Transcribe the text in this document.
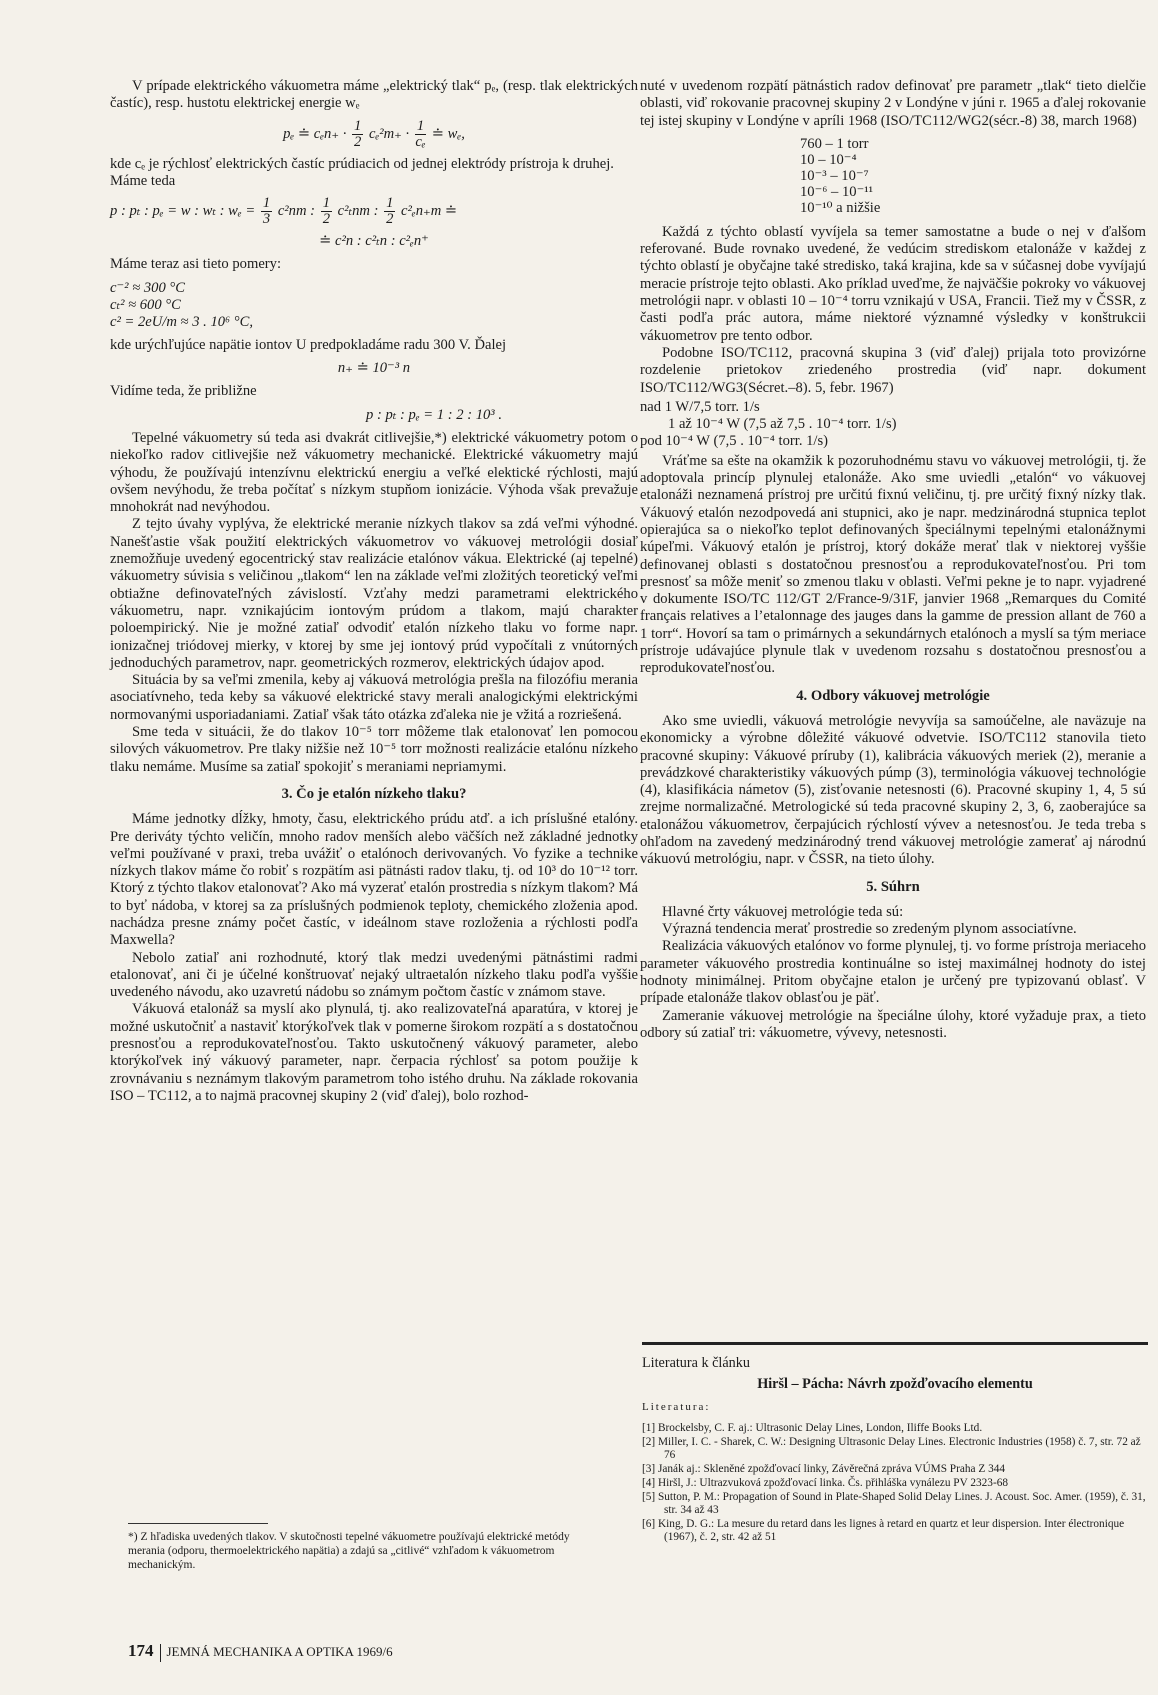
V prípade elektrického vákuometra máme „elektrický tlak“ pₑ, (resp. tlak elektrických častíc), resp. hustotu elektrickej energie wₑ

pₑ ≐ $c_en_+ \cdot \frac{1}{2} c_e^2m_+ \cdot \frac{1}{\text{cₑ}}$ ≐ wₑ,

kde cₑ je rýchlosť elektrických častíc prúdiacich od jednej elektródy prístroja k druhej.

Máme teda

p : pₜ : pₑ = w : wₜ : $w_e = \frac{1}{3} c^2nm$ : $\frac{1}{2} c^2_tnm$ : $\frac{1}{2} c^2_en_+m$ ≐
≐ c²n : c²ₜn : c²ₑn⁺

Máme teraz asi tieto pomery:

c⁻² ≈ 300 °C
cₜ² ≈ 600 °C
c² = 2eU/m ≈ 3 . 10⁶ °C,

kde urýchľujúce napätie iontov U predpokladáme radu 300 V. Ďalej

n₊ ≐ 10⁻³ n

Vidíme teda, že približne

p : pₜ : pₑ = 1 : 2 : 10³ .

Tepelné vákuometry sú teda asi dvakrát citlivejšie,*) elektrické vákuometry potom o niekoľko radov citlivejšie než vákuometry mechanické. Elektrické vákuometry majú výhodu, že používajú intenzívnu elektrickú energiu a veľké elektické rýchlosti, majú ovšem nevýhodu, že treba počítať s nízkym stupňom ionizácie. Výhoda však prevažuje mnohokrát nad nevýhodou.

Z tejto úvahy vyplýva, že elektrické meranie nízkych tlakov sa zdá veľmi výhodné. Nanešťastie však použití elektrických vákuometrov vo vákuovej metrológii dosiaľ znemožňuje uvedený egocentrický stav realizácie etalónov vákua. Elektrické (aj tepelné) vákuometry súvisia s veličinou „tlakom“ len na základe veľmi zložitých teoretický veľmi obtiažne definovateľných závislostí. Vzťahy medzi parametrami elektrického vákuometru, napr. vznikajúcim iontovým prúdom a tlakom, majú charakter poloempirický. Nie je možné zatiaľ odvodiť etalón nízkeho tlaku vo forme napr. ionizačnej triódovej mierky, v ktorej by sme jej iontový prúd vypočítali z vnútorných jednoduchých parametrov, napr. geometrických rozmerov, elektrických údajov apod.

Situácia by sa veľmi zmenila, keby aj vákuová metrológia prešla na filozófiu merania asociatívneho, teda keby sa vákuové elektrické stavy merali analogickými elektrickými normovanými usporiadaniami. Zatiaľ však táto otázka zďaleka nie je vžitá a rozriešená.

Sme teda v situácii, že do tlakov 10⁻⁵ torr môžeme tlak etalonovať len pomocou silových vákuometrov. Pre tlaky nižšie než 10⁻⁵ torr možnosti realizácie etalónu nízkeho tlaku nemáme. Musíme sa zatiaľ spokojiť s meraniami nepriamymi.

3. Čo je etalón nízkeho tlaku?

Máme jednotky dĺžky, hmoty, času, elektrického prúdu atď. a ich príslušné etalóny. Pre deriváty týchto veličín, mnoho radov menších alebo väčších než základné jednotky veľmi používané v praxi, treba uvážiť o etalónoch derivovaných. Vo fyzike a technike nízkych tlakov máme čo robiť s rozpätím asi pätnásti radov tlaku, tj. od 10³ do 10⁻¹² torr. Ktorý z týchto tlakov etalonovať? Ako má vyzerať etalón prostredia s nízkym tlakom? Má to byť nádoba, v ktorej sa za príslušných podmienok teploty, chemického zloženia apod. nachádza presne známy počet častíc, v ideálnom stave rozloženia a rýchlosti podľa Maxwella?

Nebolo zatiaľ ani rozhodnuté, ktorý tlak medzi uvedenými pätnástimi radmi etalonovať, ani či je účelné konštruovať nejaký ultraetalón nízkeho tlaku podľa vyššie uvedeného návodu, ako uzavretú nádobu so známym počtom častíc v známom stave.

Vákuová etalonáž sa myslí ako plynulá, tj. ako realizovateľná aparatúra, v ktorej je možné uskutočniť a nastaviť ktorýkoľvek tlak v pomerne širokom rozpätí a s dostatočnou presnosťou a reprodukovateľnosťou. Takto uskutočnený vákuový parameter, alebo ktorýkoľvek iný vákuový parameter, napr. čerpacia rýchlosť sa potom použije k zrovnávaniu s neznámym tlakovým parametrom toho istého druhu. Na základe rokovania ISO – TC112, a to najmä pracovnej skupiny 2 (viď ďalej), bolo rozhod-

nuté v uvedenom rozpätí pätnástich radov definovať pre parametr „tlak“ tieto dielčie oblasti, viď rokovanie pracovnej skupiny 2 v Londýne v júni r. 1965 a ďalej rokovanie tej istej skupiny v Londýne v apríli 1968 (ISO/TC112/WG2(sécr.-8) 38, march 1968)

760 – 1 torr
10 – 10⁻⁴
10⁻³ – 10⁻⁷
10⁻⁶ – 10⁻¹¹
10⁻¹⁰ a nižšie

Každá z týchto oblastí vyvíjela sa temer samostatne a bude o nej v ďalšom referované. Bude rovnako uvedené, že vedúcim strediskom etalonáže v každej z týchto oblastí je obyčajne také stredisko, taká krajina, kde sa v súčasnej dobe vyvíjajú meracie prístroje tejto oblasti. Ako príklad uveďme, že najväčšie pokroky vo vákuovej metrológii napr. v oblasti 10 – 10⁻⁴ torru vznikajú v USA, Francii. Tiež my v ČSSR, z časti podľa prác autora, máme niektoré významné výsledky v konštrukcii vákuometrov pre tento odbor.

Podobne ISO/TC112, pracovná skupina 3 (viď ďalej) prijala toto provizórne rozdelenie prietokov zriedeného prostredia (viď napr. dokument ISO/TC112/WG3(Sécret.–8). 5, febr. 1967)

nad 1 W/7,5 torr. 1/s
1 až 10⁻⁴ W (7,5 až 7,5 . 10⁻⁴ torr. 1/s)
pod 10⁻⁴ W (7,5 . 10⁻⁴ torr. 1/s)

Vráťme sa ešte na okamžik k pozoruhodnému stavu vo vákuovej metrológii, tj. že adoptovala princíp plynulej etalonáže. Ako sme uviedli „etalón“ vo vákuovej etalonáži neznamená prístroj pre určitú fixnú veličinu, tj. pre určitý fixný nízky tlak. Vákuový etalón nezodpovedá ani stupnici, ako je napr. medzinárodná stupnica teplot opierajúca sa o niekoľko teplot definovaných špeciálnymi tepelnými etalonážnymi kúpeľmi. Vákuový etalón je prístroj, ktorý dokáže merať tlak v niektorej vyššie definovanej oblasti s dostatočnou presnosťou a reprodukovateľnosťou. Pri tom presnosť sa môže meniť so zmenou tlaku v oblasti. Veľmi pekne je to napr. vyjadrené v dokumente ISO/TC 112/GT 2/France-9/31F, janvier 1968 „Remarques du Comité français relatives a l’etalonnage des jauges dans la gamme de pression allant de 760 a 1 torr“. Hovorí sa tam o primárnych a sekundárnych etalónoch a myslí sa tým meriace prístroje udávajúce plynule tlak v uvedenom rozsahu s dostatočnou presnosťou a reprodukovateľnosťou.

4. Odbory vákuovej metrológie

Ako sme uviedli, vákuová metrológie nevyvíja sa samoúčelne, ale naväzuje na ekonomicky a výrobne dôležité vákuové odvetvie. ISO/TC112 stanovila tieto pracovné skupiny: Vákuové príruby (1), kalibrácia vákuových meriek (2), meranie a prevádzkové charakteristiky vákuových púmp (3), terminológia vákuovej technológie (4), klasifikácia námetov (5), zisťovanie netesnosti (6). Pracovné skupiny 1, 4, 5 sú zrejme normalizačné. Metrologické sú teda pracovné skupiny 2, 3, 6, zaoberajúce sa etalonážou vákuometrov, čerpajúcich rýchlostí vývev a netesnosťou. Je teda treba s ohľadom na zavedený medzinárodný trend vákuovej metrológie zamerať aj národnú vákuovú metrológiu, napr. v ČSSR, na tieto úlohy.

5. Súhrn

Hlavné črty vákuovej metrológie teda sú:

Výrazná tendencia merať prostredie so zredeným plynom associatívne.

Realizácia vákuových etalónov vo forme plynulej, tj. vo forme prístroja meriaceho parameter vákuového prostredia kontinuálne so istej maximálnej hodnoty do istej hodnoty minimálnej. Pritom obyčajne etalon je určený pre typizovanú oblasť. V prípade etalonáže tlakov oblasťou je päť.

Zameranie vákuovej metrológie na špeciálne úlohy, ktoré vyžaduje prax, a tieto odbory sú zatiaľ tri: vákuometre, vývevy, netesnosti.

*) Z hľadiska uvedených tlakov. V skutočnosti tepelné vákuometre používajú elektrické metódy merania (odporu, thermoelektrického napätia) a zdajú sa „citlivé“ vzhľadom k vákuometrom mechanickým.
Literatura k článku
Hiršl – Pácha: Návrh zpožďovacího elementu
Literatura:
[1] Brockelsby, C. F. aj.: Ultrasonic Delay Lines, London, Iliffe Books Ltd.
[2] Miller, I. C. - Sharek, C. W.: Designing Ultrasonic Delay Lines. Electronic Industries (1958) č. 7, str. 72 až 76
[3] Janák aj.: Skleněné zpožďovací linky, Závěrečná zpráva VÚMS Praha Z 344
[4] Hiršl, J.: Ultrazvuková zpožďovací linka. Čs. přihláška vynálezu PV 2323-68
[5] Sutton, P. M.: Propagation of Sound in Plate-Shaped Solid Delay Lines. J. Acoust. Soc. Amer. (1959), č. 31, str. 34 až 43
[6] King, D. G.: La mesure du retard dans les lignes à retard en quartz et leur dispersion. Inter électronique (1967), č. 2, str. 42 až 51
174 JEMNÁ MECHANIKA A OPTIKA 1969/6
